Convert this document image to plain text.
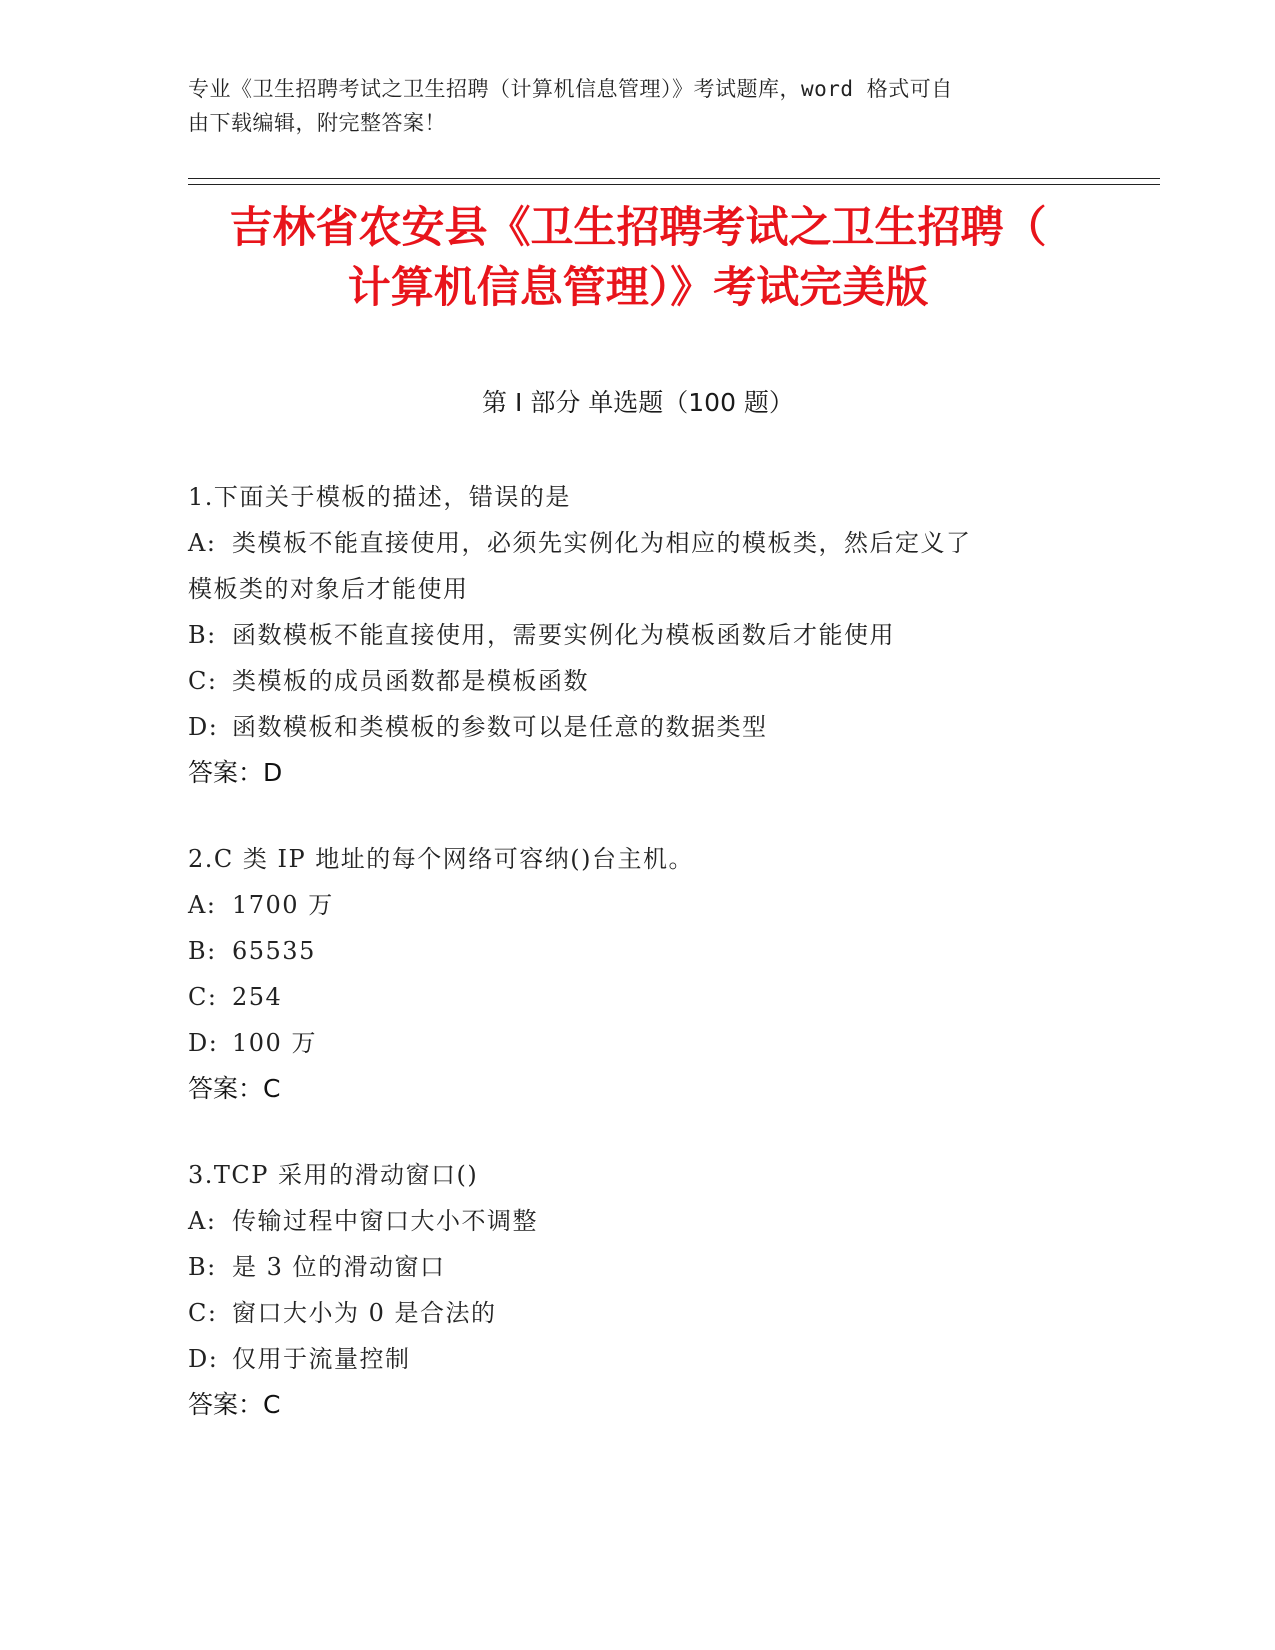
专业《卫生招聘考试之卫生招聘（计算机信息管理）》考试题库，word 格式可自
由下载编辑，附完整答案！
吉林省农安县《卫生招聘考试之卫生招聘（
计算机信息管理）》考试完美版
第 I 部分 单选题（100 题）
1.下面关于模板的描述，错误的是
A: 类模板不能直接使用，必须先实例化为相应的模板类，然后定义了
模板类的对象后才能使用
B: 函数模板不能直接使用，需要实例化为模板函数后才能使用
C: 类模板的成员函数都是模板函数
D: 函数模板和类模板的参数可以是任意的数据类型
答案：D
2.C 类 IP 地址的每个网络可容纳()台主机。
A: 1700 万
B: 65535
C: 254
D: 100 万
答案：C
3.TCP 采用的滑动窗口()
A: 传输过程中窗口大小不调整
B: 是 3 位的滑动窗口
C: 窗口大小为 0 是合法的
D: 仅用于流量控制
答案：C
